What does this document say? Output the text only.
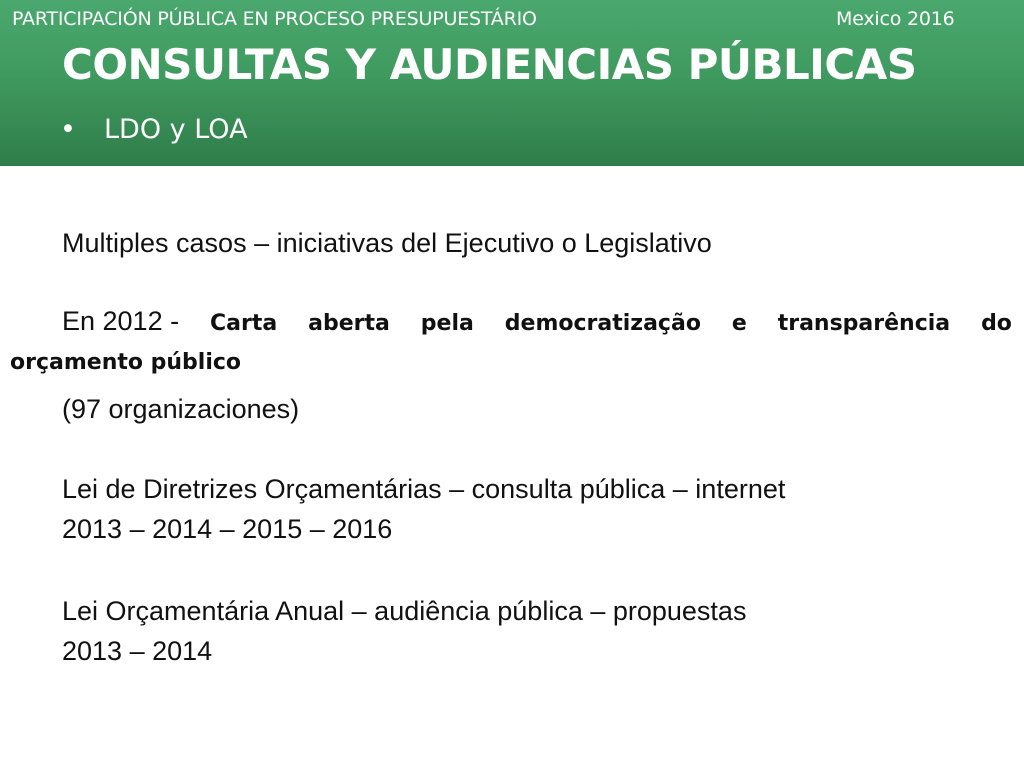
PARTICIPACIÓN PÚBLICA EN PROCESO PRESUPUESTÁRIO	Mexico 2016
CONSULTAS Y AUDIENCIAS PÚBLICAS
• LDO y LOA
Multiples casos – iniciativas del Ejecutivo o Legislativo
En 2012 - Carta aberta pela democratização e transparência do
orçamento público
(97 organizaciones)
Lei de Diretrizes Orçamentárias – consulta pública – internet
2013 – 2014 – 2015 – 2016
Lei Orçamentária Anual – audiência pública – propuestas
2013 – 2014
